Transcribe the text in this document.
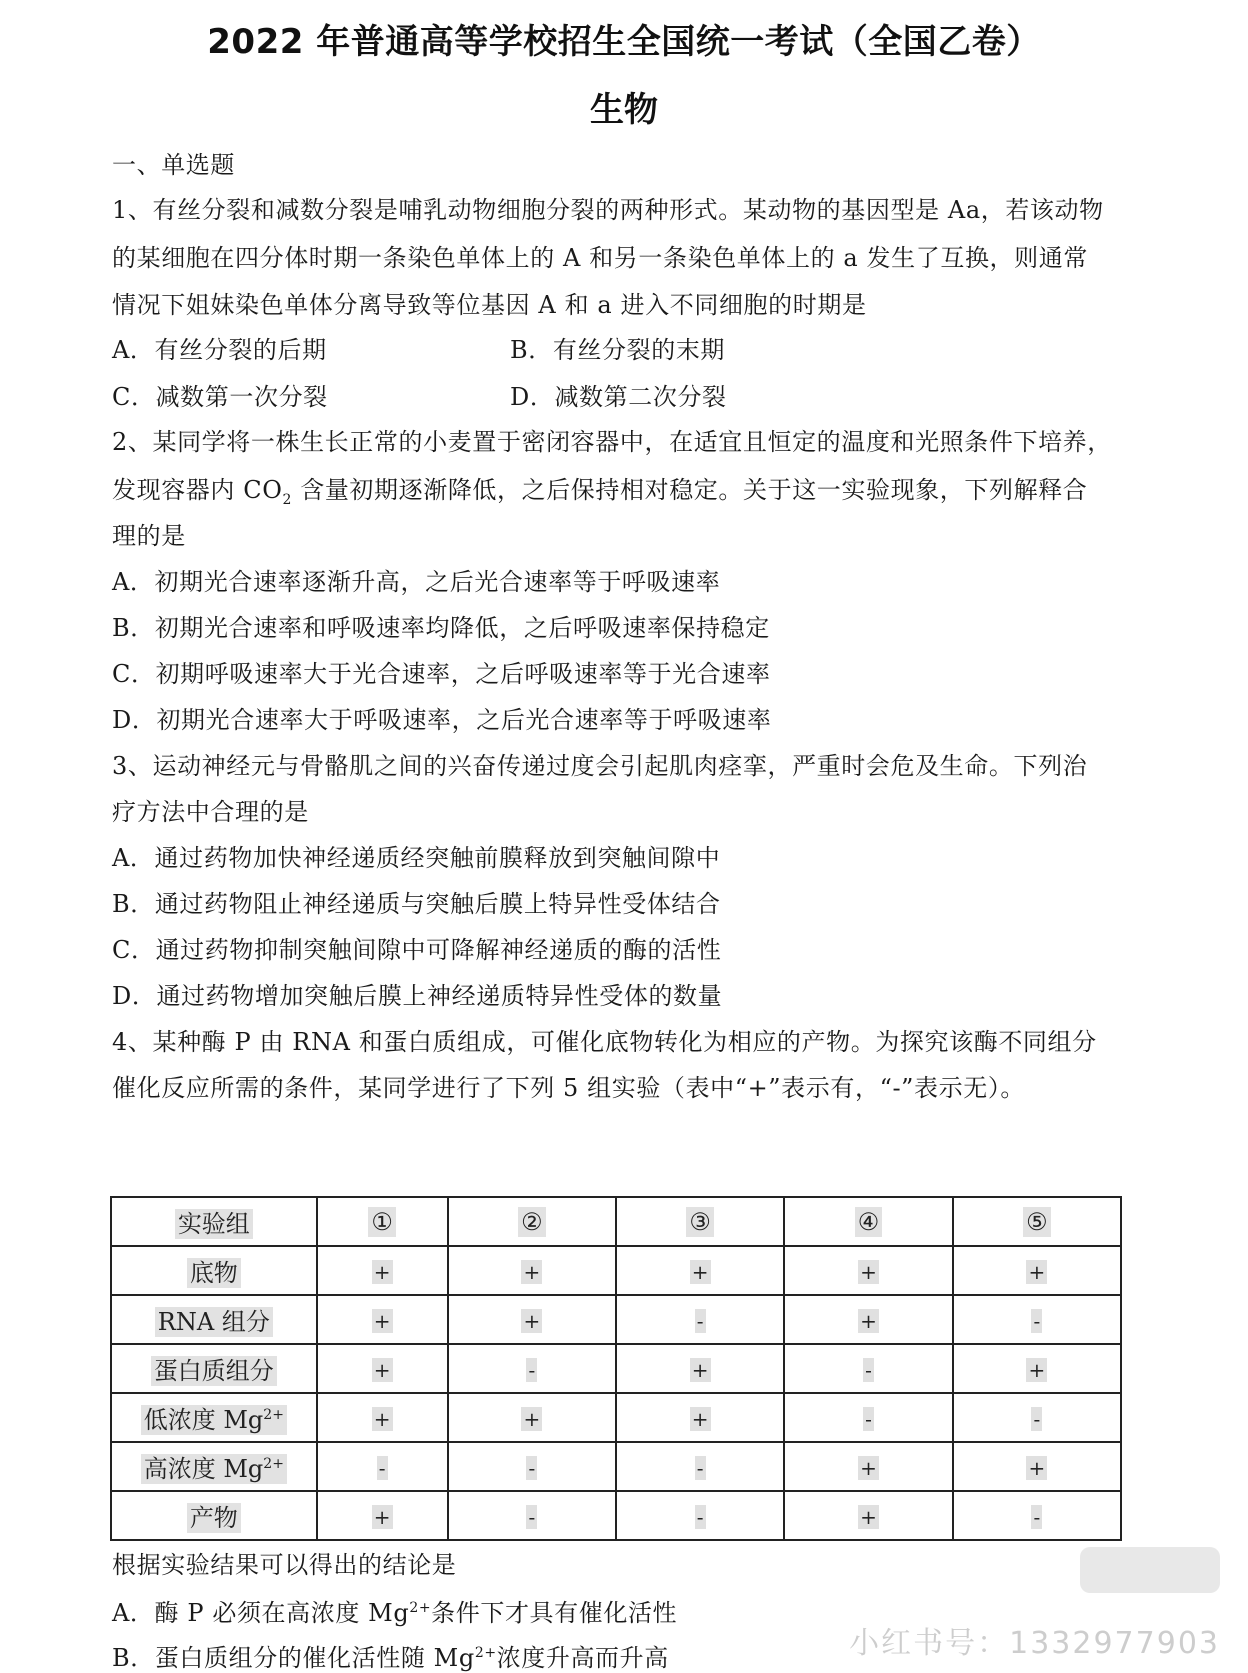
2022 年普通高等学校招生全国统一考试（全国乙卷）
生物
一、单选题
1、有丝分裂和减数分裂是哺乳动物细胞分裂的两种形式。某动物的基因型是 Aa，若该动物
的某细胞在四分体时期一条染色单体上的 A 和另一条染色单体上的 a 发生了互换，则通常
情况下姐妹染色单体分离导致等位基因 A 和 a 进入不同细胞的时期是
A．有丝分裂的后期	B．有丝分裂的末期
C．减数第一次分裂	D．减数第二次分裂
2、某同学将一株生长正常的小麦置于密闭容器中，在适宜且恒定的温度和光照条件下培养，
发现容器内 $CO_2$ 含量初期逐渐降低，之后保持相对稳定。关于这一实验现象，下列解释合
理的是
A．初期光合速率逐渐升高，之后光合速率等于呼吸速率
B．初期光合速率和呼吸速率均降低，之后呼吸速率保持稳定
C．初期呼吸速率大于光合速率，之后呼吸速率等于光合速率
D．初期光合速率大于呼吸速率，之后光合速率等于呼吸速率
3、运动神经元与骨骼肌之间的兴奋传递过度会引起肌肉痉挛，严重时会危及生命。下列治
疗方法中合理的是
A．通过药物加快神经递质经突触前膜释放到突触间隙中
B．通过药物阻止神经递质与突触后膜上特异性受体结合
C．通过药物抑制突触间隙中可降解神经递质的酶的活性
D．通过药物增加突触后膜上神经递质特异性受体的数量
4、某种酶 P 由 RNA 和蛋白质组成，可催化底物转化为相应的产物。为探究该酶不同组分
催化反应所需的条件，某同学进行了下列 5 组实验（表中“+”表示有，“-”表示无）。
实验组	①	②	③	④	⑤
底物	+	+	+	+	+
RNA 组分	+	+	-	+	-
蛋白质组分	+	-	+	-	+
低浓度 $Mg^{2+}$	+	+	+	-	-
高浓度 $Mg^{2+}$	-	-	-	+	+
产物	+	-	-	+	-
根据实验结果可以得出的结论是
A．酶 P 必须在高浓度 $Mg^{2+}$条件下才具有催化活性
B．蛋白质组分的催化活性随 $Mg^{2+}$浓度升高而升高	小红书号：1332977903
